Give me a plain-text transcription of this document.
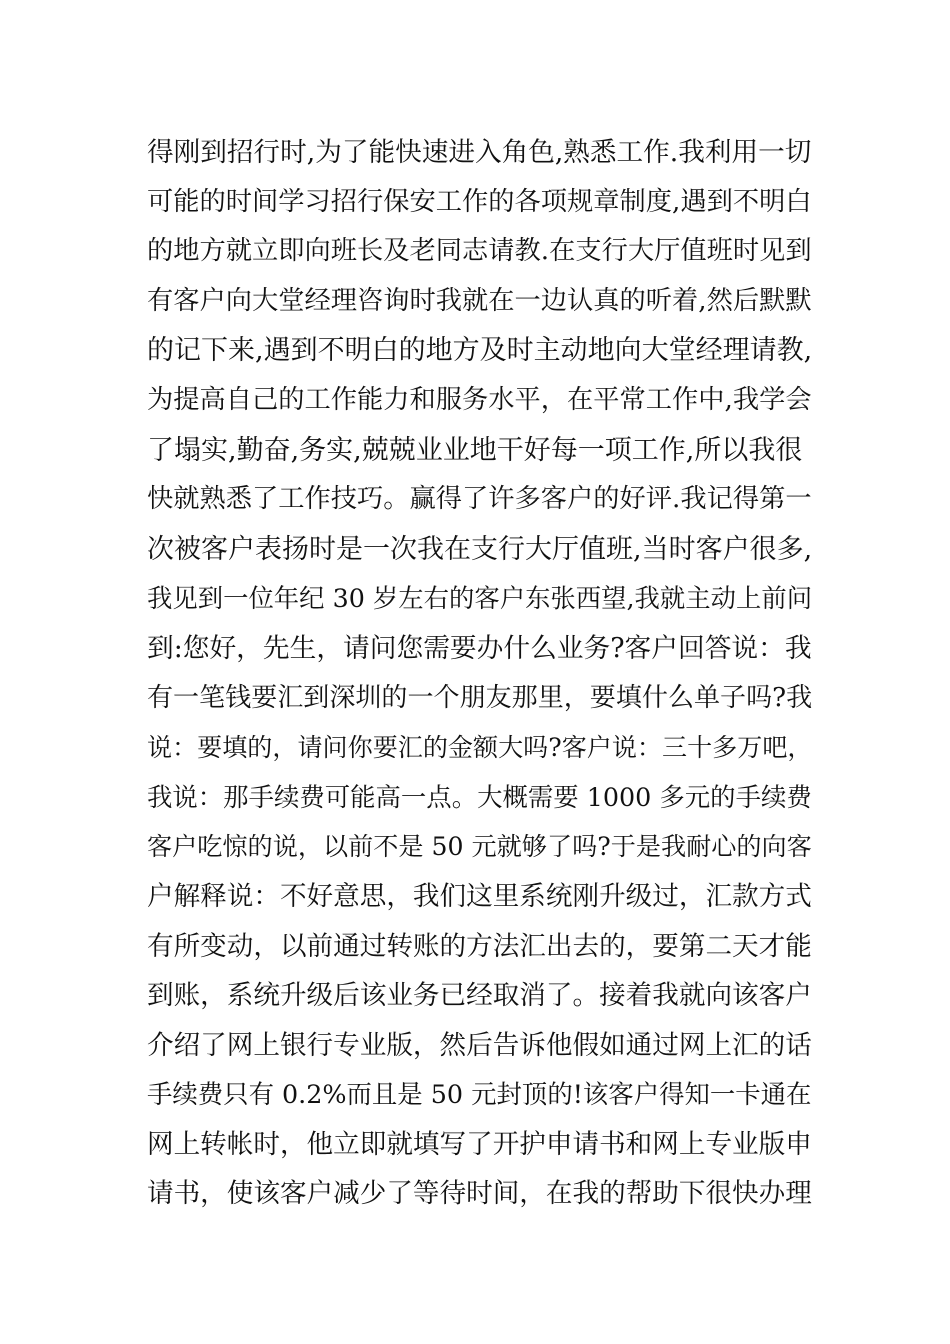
得刚到招行时,为了能快速进入角色,熟悉工作.我利用一切
可能的时间学习招行保安工作的各项规章制度,遇到不明白
的地方就立即向班长及老同志请教.在支行大厅值班时见到
有客户向大堂经理咨询时我就在一边认真的听着,然后默默
的记下来,遇到不明白的地方及时主动地向大堂经理请教,
为提高自己的工作能力和服务水平，在平常工作中,我学会
了塌实,勤奋,务实,兢兢业业地干好每一项工作,所以我很
快就熟悉了工作技巧。赢得了许多客户的好评.我记得第一
次被客户表扬时是一次我在支行大厅值班,当时客户很多,
我见到一位年纪 30 岁左右的客户东张西望,我就主动上前问
到:您好，先生，请问您需要办什么业务?客户回答说：我
有一笔钱要汇到深圳的一个朋友那里，要填什么单子吗?我
说：要填的，请问你要汇的金额大吗?客户说：三十多万吧，
我说：那手续费可能高一点。大概需要 1000 多元的手续费
客户吃惊的说，以前不是 50 元就够了吗?于是我耐心的向客
户解释说：不好意思，我们这里系统刚升级过，汇款方式
有所变动，以前通过转账的方法汇出去的，要第二天才能
到账，系统升级后该业务已经取消了。接着我就向该客户
介绍了网上银行专业版，然后告诉他假如通过网上汇的话
手续费只有 0.2%而且是 50 元封顶的!该客户得知一卡通在
网上转帐时，他立即就填写了开护申请书和网上专业版申
请书，使该客户减少了等待时间，在我的帮助下很快办理
